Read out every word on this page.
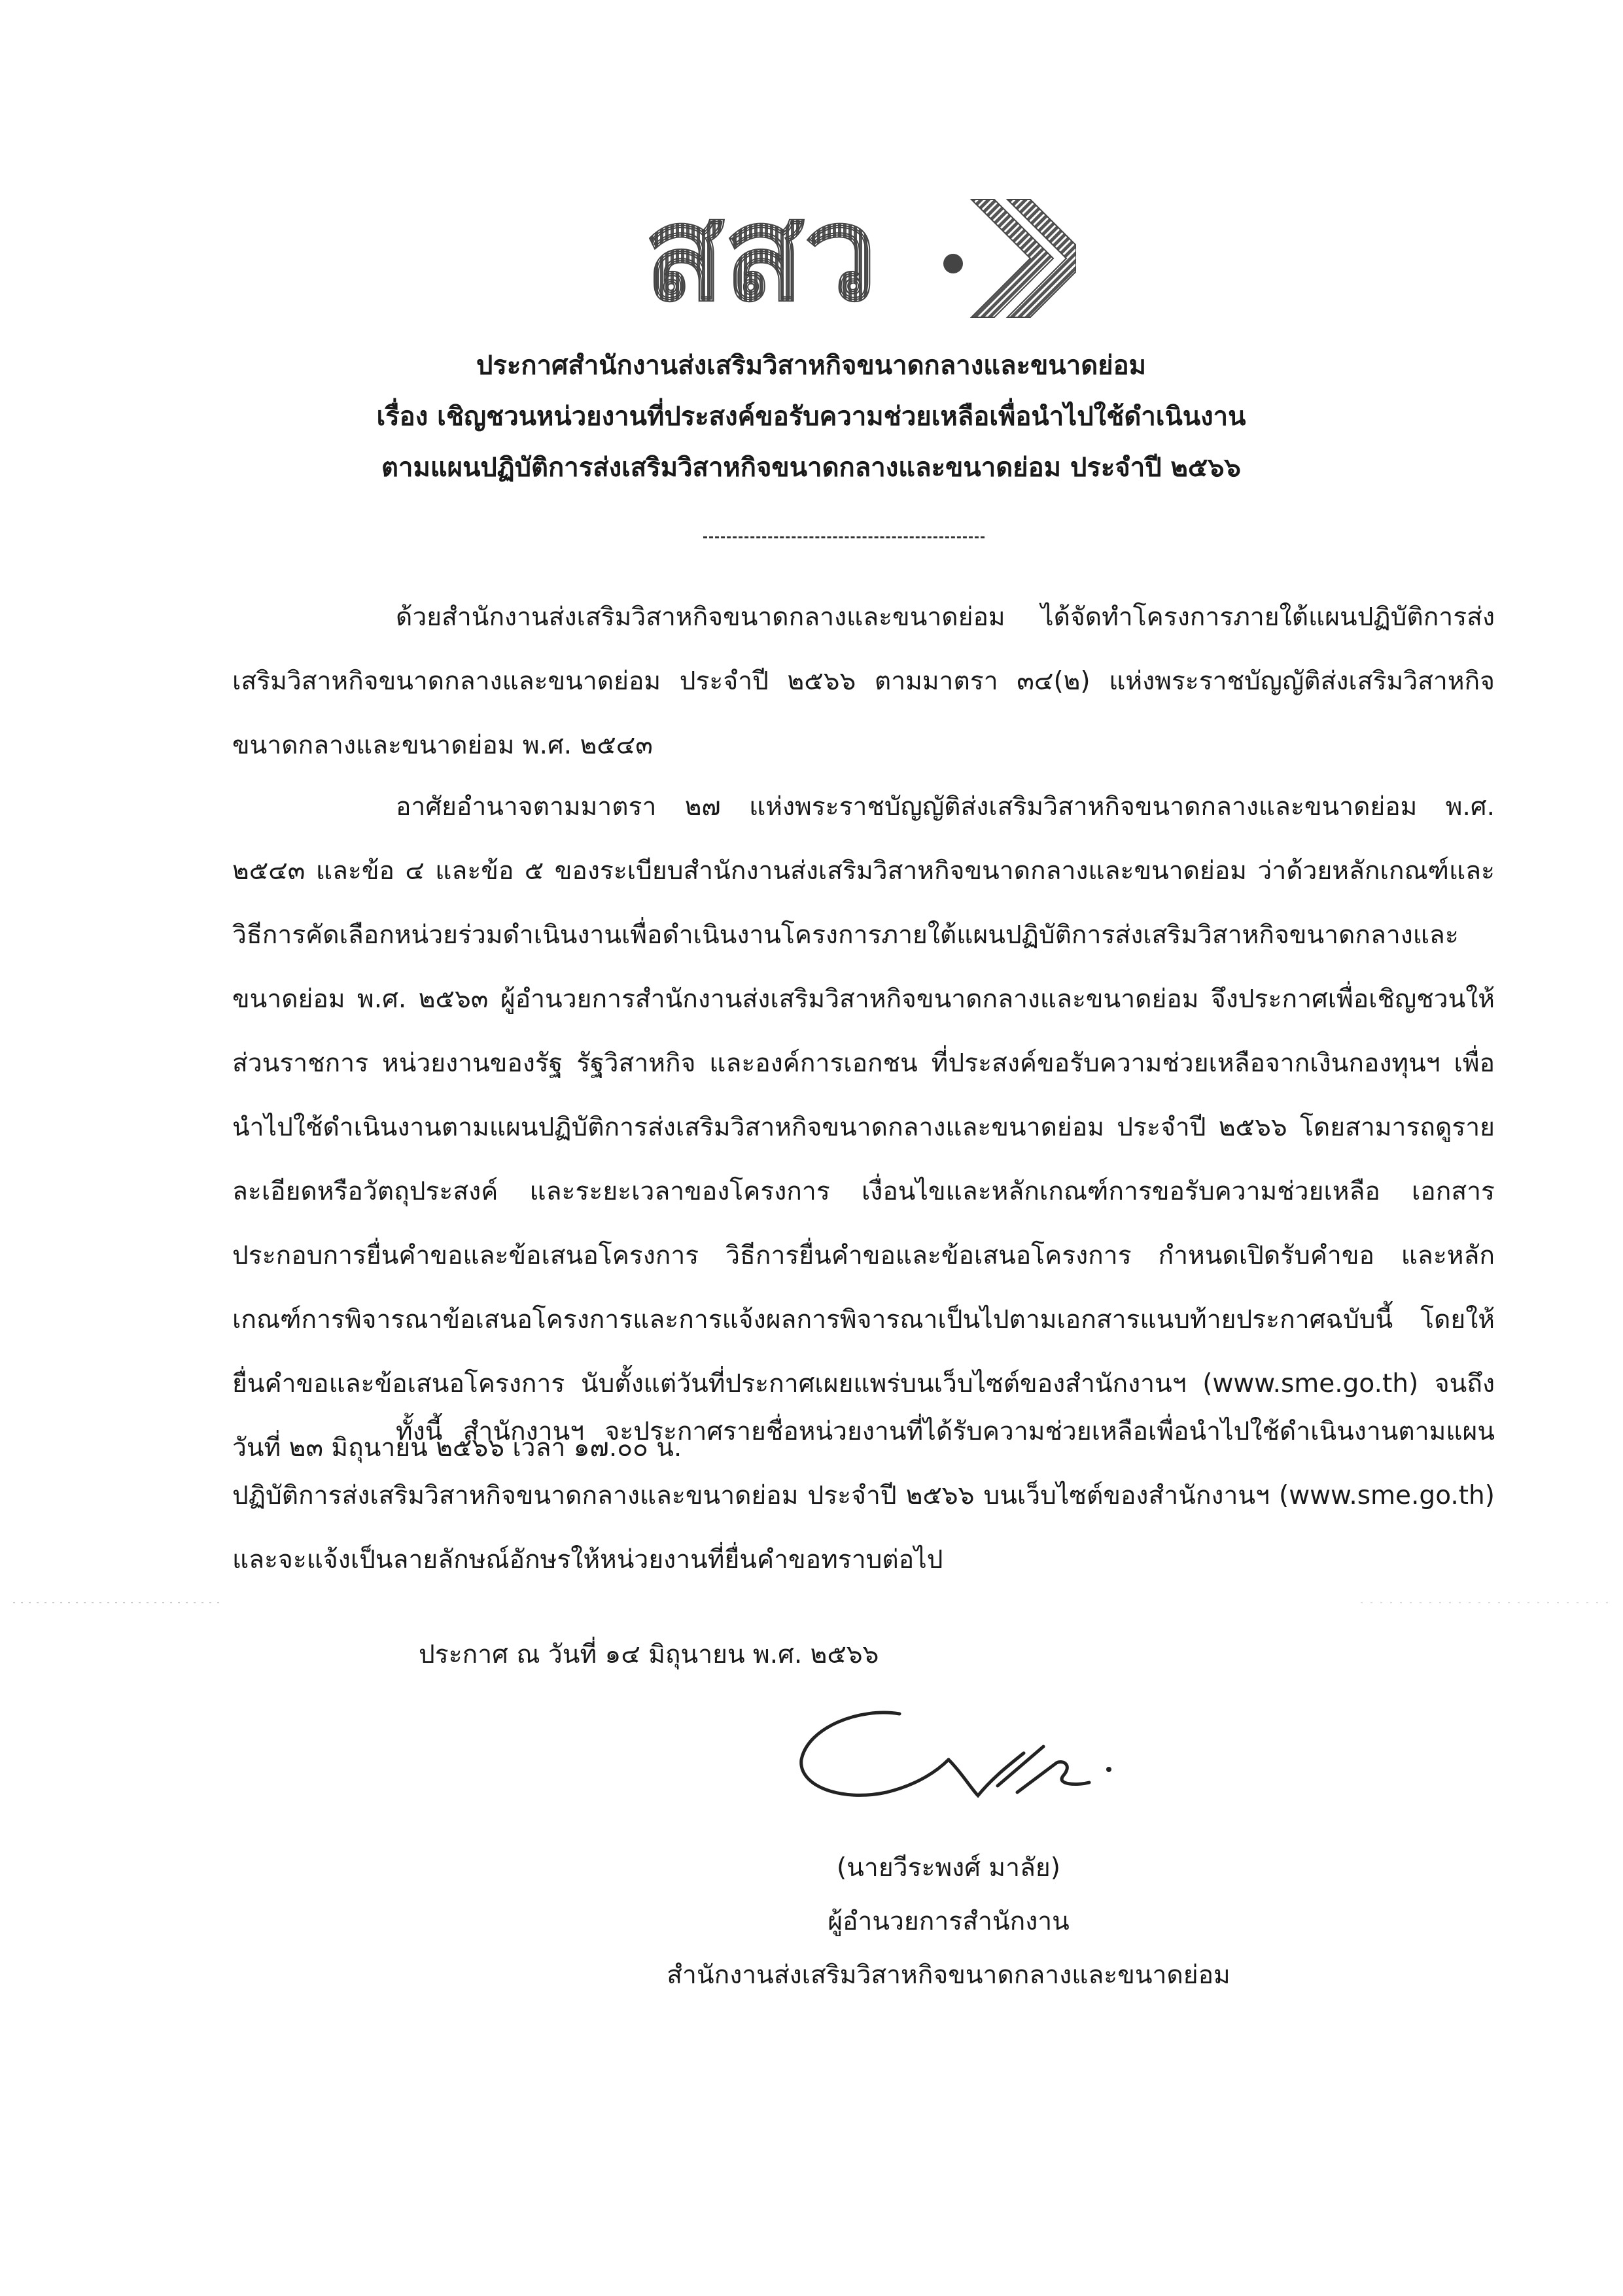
สสว
ประกาศสำนักงานส่งเสริมวิสาหกิจขนาดกลางและขนาดย่อม
เรื่อง เชิญชวนหน่วยงานที่ประสงค์ขอรับความช่วยเหลือเพื่อนำไปใช้ดำเนินงาน
ตามแผนปฏิบัติการส่งเสริมวิสาหกิจขนาดกลางและขนาดย่อม ประจำปี ๒๕๖๖
ด้วยสำนักงานส่งเสริมวิสาหกิจขนาดกลางและขนาดย่อม ได้จัดทำโครงการภายใต้แผนปฏิบัติการส่งเสริมวิสาหกิจขนาดกลางและขนาดย่อม ประจำปี ๒๕๖๖ ตามมาตรา ๓๔(๒) แห่งพระราชบัญญัติส่งเสริมวิสาหกิจขนาดกลางและขนาดย่อม พ.ศ. ๒๕๔๓
อาศัยอำนาจตามมาตรา ๒๗ แห่งพระราชบัญญัติส่งเสริมวิสาหกิจขนาดกลางและขนาดย่อม พ.ศ. ๒๕๔๓ และข้อ ๔ และข้อ ๕ ของระเบียบสำนักงานส่งเสริมวิสาหกิจขนาดกลางและขนาดย่อม ว่าด้วยหลักเกณฑ์และวิธีการคัดเลือกหน่วยร่วมดำเนินงานเพื่อดำเนินงานโครงการภายใต้แผนปฏิบัติการส่งเสริมวิสาหกิจขนาดกลางและขนาดย่อม พ.ศ. ๒๕๖๓ ผู้อำนวยการสำนักงานส่งเสริมวิสาหกิจขนาดกลางและขนาดย่อม จึงประกาศเพื่อเชิญชวนให้ส่วนราชการ หน่วยงานของรัฐ รัฐวิสาหกิจ และองค์การเอกชน ที่ประสงค์ขอรับความช่วยเหลือจากเงินกองทุนฯ เพื่อนำไปใช้ดำเนินงานตามแผนปฏิบัติการส่งเสริมวิสาหกิจขนาดกลางและขนาดย่อม ประจำปี ๒๕๖๖ โดยสามารถดูรายละเอียดหรือวัตถุประสงค์ และระยะเวลาของโครงการ เงื่อนไขและหลักเกณฑ์การขอรับความช่วยเหลือ เอกสารประกอบการยื่นคำขอและข้อเสนอโครงการ วิธีการยื่นคำขอและข้อเสนอโครงการ กำหนดเปิดรับคำขอ และหลักเกณฑ์การพิจารณาข้อเสนอโครงการและการแจ้งผลการพิจารณาเป็นไปตามเอกสารแนบท้ายประกาศฉบับนี้ โดยให้ยื่นคำขอและข้อเสนอโครงการ นับตั้งแต่วันที่ประกาศเผยแพร่บนเว็บไซต์ของสำนักงานฯ (www.sme.go.th) จนถึงวันที่ ๒๓ มิถุนายน ๒๕๖๖ เวลา ๑๗.๐๐ น.
ทั้งนี้ สำนักงานฯ จะประกาศรายชื่อหน่วยงานที่ได้รับความช่วยเหลือเพื่อนำไปใช้ดำเนินงานตามแผนปฏิบัติการส่งเสริมวิสาหกิจขนาดกลางและขนาดย่อม ประจำปี ๒๕๖๖ บนเว็บไซต์ของสำนักงานฯ (www.sme.go.th) และจะแจ้งเป็นลายลักษณ์อักษรให้หน่วยงานที่ยื่นคำขอทราบต่อไป
ประกาศ ณ วันที่ ๑๔ มิถุนายน พ.ศ. ๒๕๖๖
(นายวีระพงศ์ มาลัย)
ผู้อำนวยการสำนักงาน
สำนักงานส่งเสริมวิสาหกิจขนาดกลางและขนาดย่อม
